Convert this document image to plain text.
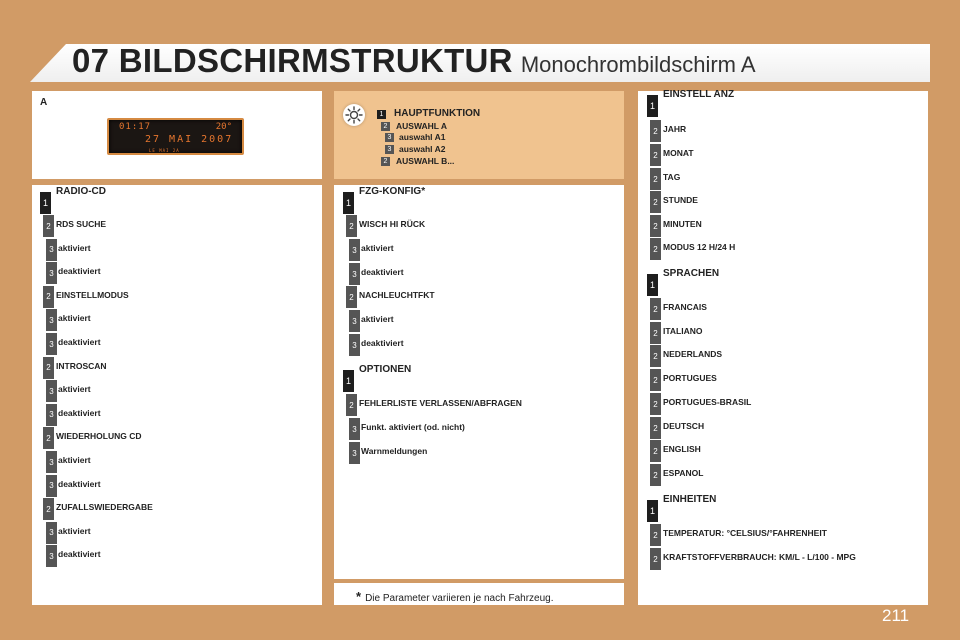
07 BILDSCHIRMSTRUKTUR Monochrombildschirm A
A
01:17	20°
27 MAI 2007
LE MAI 2A
1 HAUPTFUNKTION
2 AUSWAHL A
3 auswahl A1
3 auswahl A2
2 AUSWAHL B...
1
RADIO-CD
2 RDS SUCHE
3 aktiviert
3 deaktiviert
2 EINSTELLMODUS
3 aktiviert
3 deaktiviert
2 INTROSCAN
3 aktiviert
3 deaktiviert
2 WIEDERHOLUNG CD
3 aktiviert
3 deaktiviert
2 ZUFALLSWIEDERGABE
3 aktiviert
3 deaktiviert
1
FZG-KONFIG*
2 WISCH HI RÜCK
3 aktiviert
3 deaktiviert
2 NACHLEUCHTFKT
3 aktiviert
3 deaktiviert
1
OPTIONEN
2 FEHLERLISTE VERLASSEN/ABFRAGEN
3 Funkt. aktiviert (od. nicht)
3 Warnmeldungen
1
EINSTELL ANZ
2 JAHR
2 MONAT
2 TAG
2 STUNDE
2 MINUTEN
2 MODUS 12 H/24 H
1
SPRACHEN
2 FRANCAIS
2 ITALIANO
2 NEDERLANDS
2 PORTUGUES
2 PORTUGUES-BRASIL
2 DEUTSCH
2 ENGLISH
2 ESPANOL
1
EINHEITEN
2 TEMPERATUR: °CELSIUS/°FAHRENHEIT
2 KRAFTSTOFFVERBRAUCH: KM/L - L/100 - MPG
* Die Parameter variieren je nach Fahrzeug.
211
